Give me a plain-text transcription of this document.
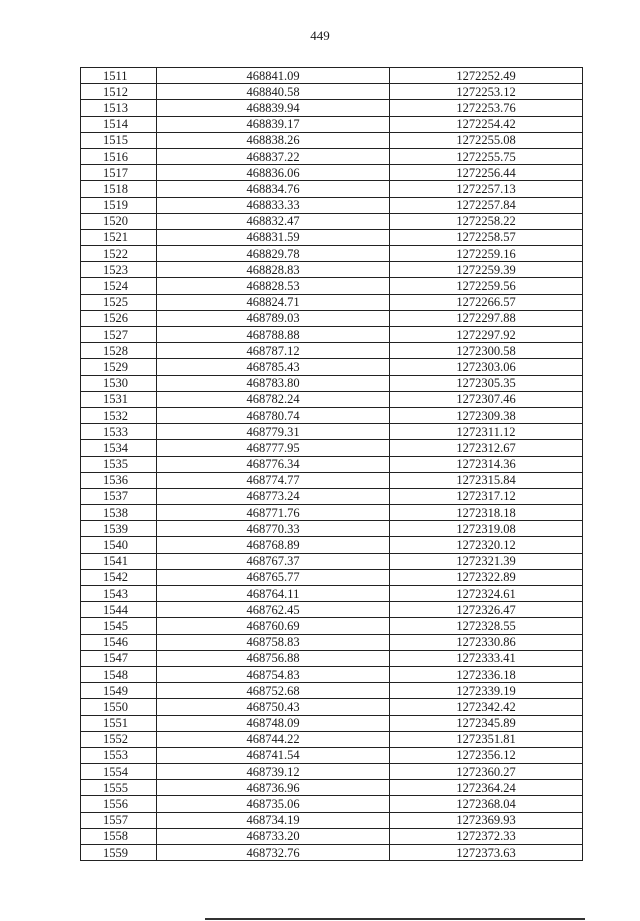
449
1511	468841.09	1272252.49
1512	468840.58	1272253.12
1513	468839.94	1272253.76
1514	468839.17	1272254.42
1515	468838.26	1272255.08
1516	468837.22	1272255.75
1517	468836.06	1272256.44
1518	468834.76	1272257.13
1519	468833.33	1272257.84
1520	468832.47	1272258.22
1521	468831.59	1272258.57
1522	468829.78	1272259.16
1523	468828.83	1272259.39
1524	468828.53	1272259.56
1525	468824.71	1272266.57
1526	468789.03	1272297.88
1527	468788.88	1272297.92
1528	468787.12	1272300.58
1529	468785.43	1272303.06
1530	468783.80	1272305.35
1531	468782.24	1272307.46
1532	468780.74	1272309.38
1533	468779.31	1272311.12
1534	468777.95	1272312.67
1535	468776.34	1272314.36
1536	468774.77	1272315.84
1537	468773.24	1272317.12
1538	468771.76	1272318.18
1539	468770.33	1272319.08
1540	468768.89	1272320.12
1541	468767.37	1272321.39
1542	468765.77	1272322.89
1543	468764.11	1272324.61
1544	468762.45	1272326.47
1545	468760.69	1272328.55
1546	468758.83	1272330.86
1547	468756.88	1272333.41
1548	468754.83	1272336.18
1549	468752.68	1272339.19
1550	468750.43	1272342.42
1551	468748.09	1272345.89
1552	468744.22	1272351.81
1553	468741.54	1272356.12
1554	468739.12	1272360.27
1555	468736.96	1272364.24
1556	468735.06	1272368.04
1557	468734.19	1272369.93
1558	468733.20	1272372.33
1559	468732.76	1272373.63
